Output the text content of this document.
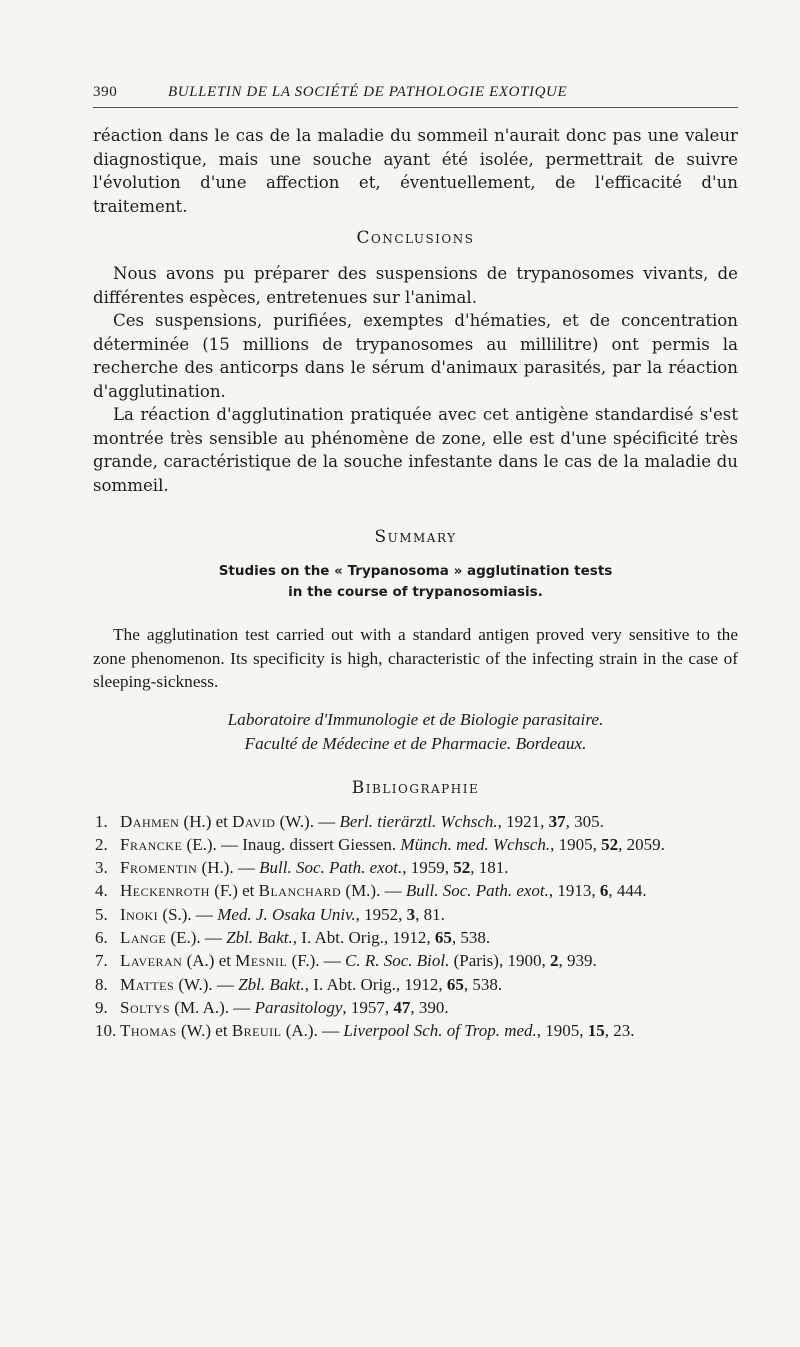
390	BULLETIN DE LA SOCIÉTÉ DE PATHOLOGIE EXOTIQUE

réaction dans le cas de la maladie du sommeil n'aurait donc pas une valeur diagnostique, mais une souche ayant été isolée, permettrait de suivre l'évolution d'une affection et, éventuellement, de l'efficacité d'un traitement.

Conclusions

Nous avons pu préparer des suspensions de trypanosomes vivants, de différentes espèces, entretenues sur l'animal.

Ces suspensions, purifiées, exemptes d'hématies, et de concentration déterminée (15 millions de trypanosomes au millilitre) ont permis la recherche des anticorps dans le sérum d'animaux parasités, par la réaction d'agglutination.

La réaction d'agglutination pratiquée avec cet antigène standardisé s'est montrée très sensible au phénomène de zone, elle est d'une spécificité très grande, caractéristique de la souche infestante dans le cas de la maladie du sommeil.

Summary
Studies on the « Trypanosoma » agglutination tests
in the course of trypanosomiasis.

The agglutination test carried out with a standard antigen proved very sensitive to the zone phenomenon. Its specificity is high, characteristic of the infecting strain in the case of sleeping-sickness.

Laboratoire d'Immunologie et de Biologie parasitaire.
Faculté de Médecine et de Pharmacie. Bordeaux.
Bibliographie
1. Dahmen (H.) et David (W.). — Berl. tierärztl. Wchsch., 1921, 37, 305.
2. Francke (E.). — Inaug. dissert Giessen. Münch. med. Wchsch., 1905, 52, 2059.
3. Fromentin (H.). — Bull. Soc. Path. exot., 1959, 52, 181.
4. Heckenroth (F.) et Blanchard (M.). — Bull. Soc. Path. exot., 1913, 6, 444.
5. Inoki (S.). — Med. J. Osaka Univ., 1952, 3, 81.
6. Lange (E.). — Zbl. Bakt., I. Abt. Orig., 1912, 65, 538.
7. Laveran (A.) et Mesnil (F.). — C. R. Soc. Biol. (Paris), 1900, 2, 939.
8. Mattes (W.). — Zbl. Bakt., I. Abt. Orig., 1912, 65, 538.
9. Soltys (M. A.). — Parasitology, 1957, 47, 390.
10. Thomas (W.) et Breuil (A.). — Liverpool Sch. of Trop. med., 1905, 15, 23.
